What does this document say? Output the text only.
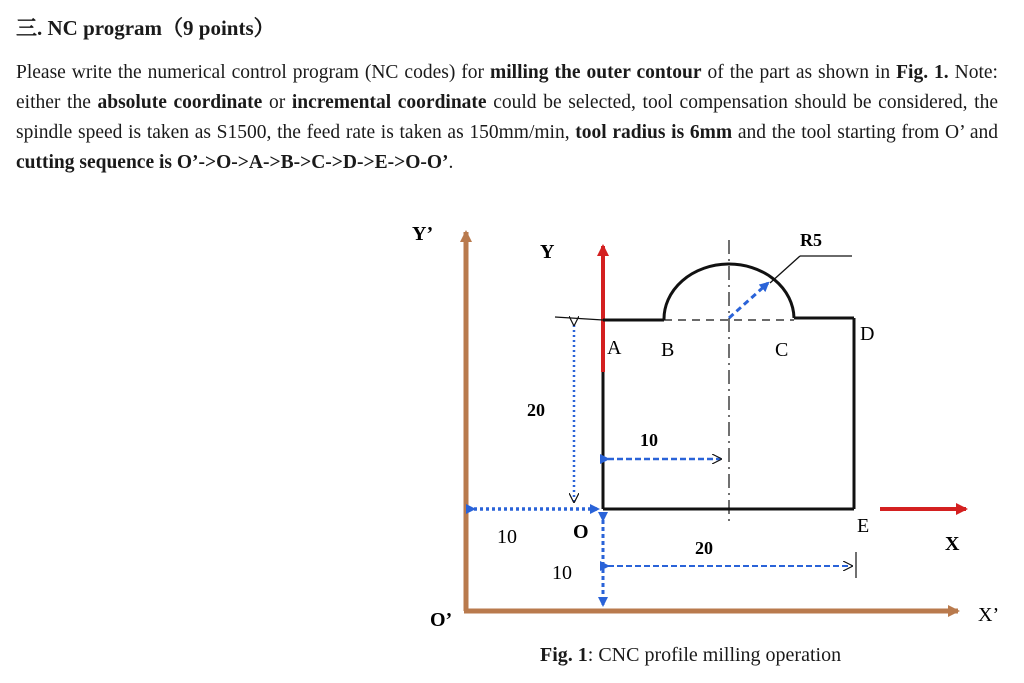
三. NC program（9 points）
Please write the numerical control program (NC codes) for milling the outer contour of the part as shown in Fig. 1. Note: either the absolute coordinate or incremental coordinate could be selected, tool compensation should be considered, the spindle speed is taken as S1500, the feed rate is taken as 150mm/min, tool radius is 6mm and the tool starting from O’ and cutting sequence is O’->O->A->B->C->D->E->O-O’.
Y’
X’
O’
Y
X
O
A B	C
D
E
R5
20
10
20
10
10
Fig. 1: CNC profile milling operation
